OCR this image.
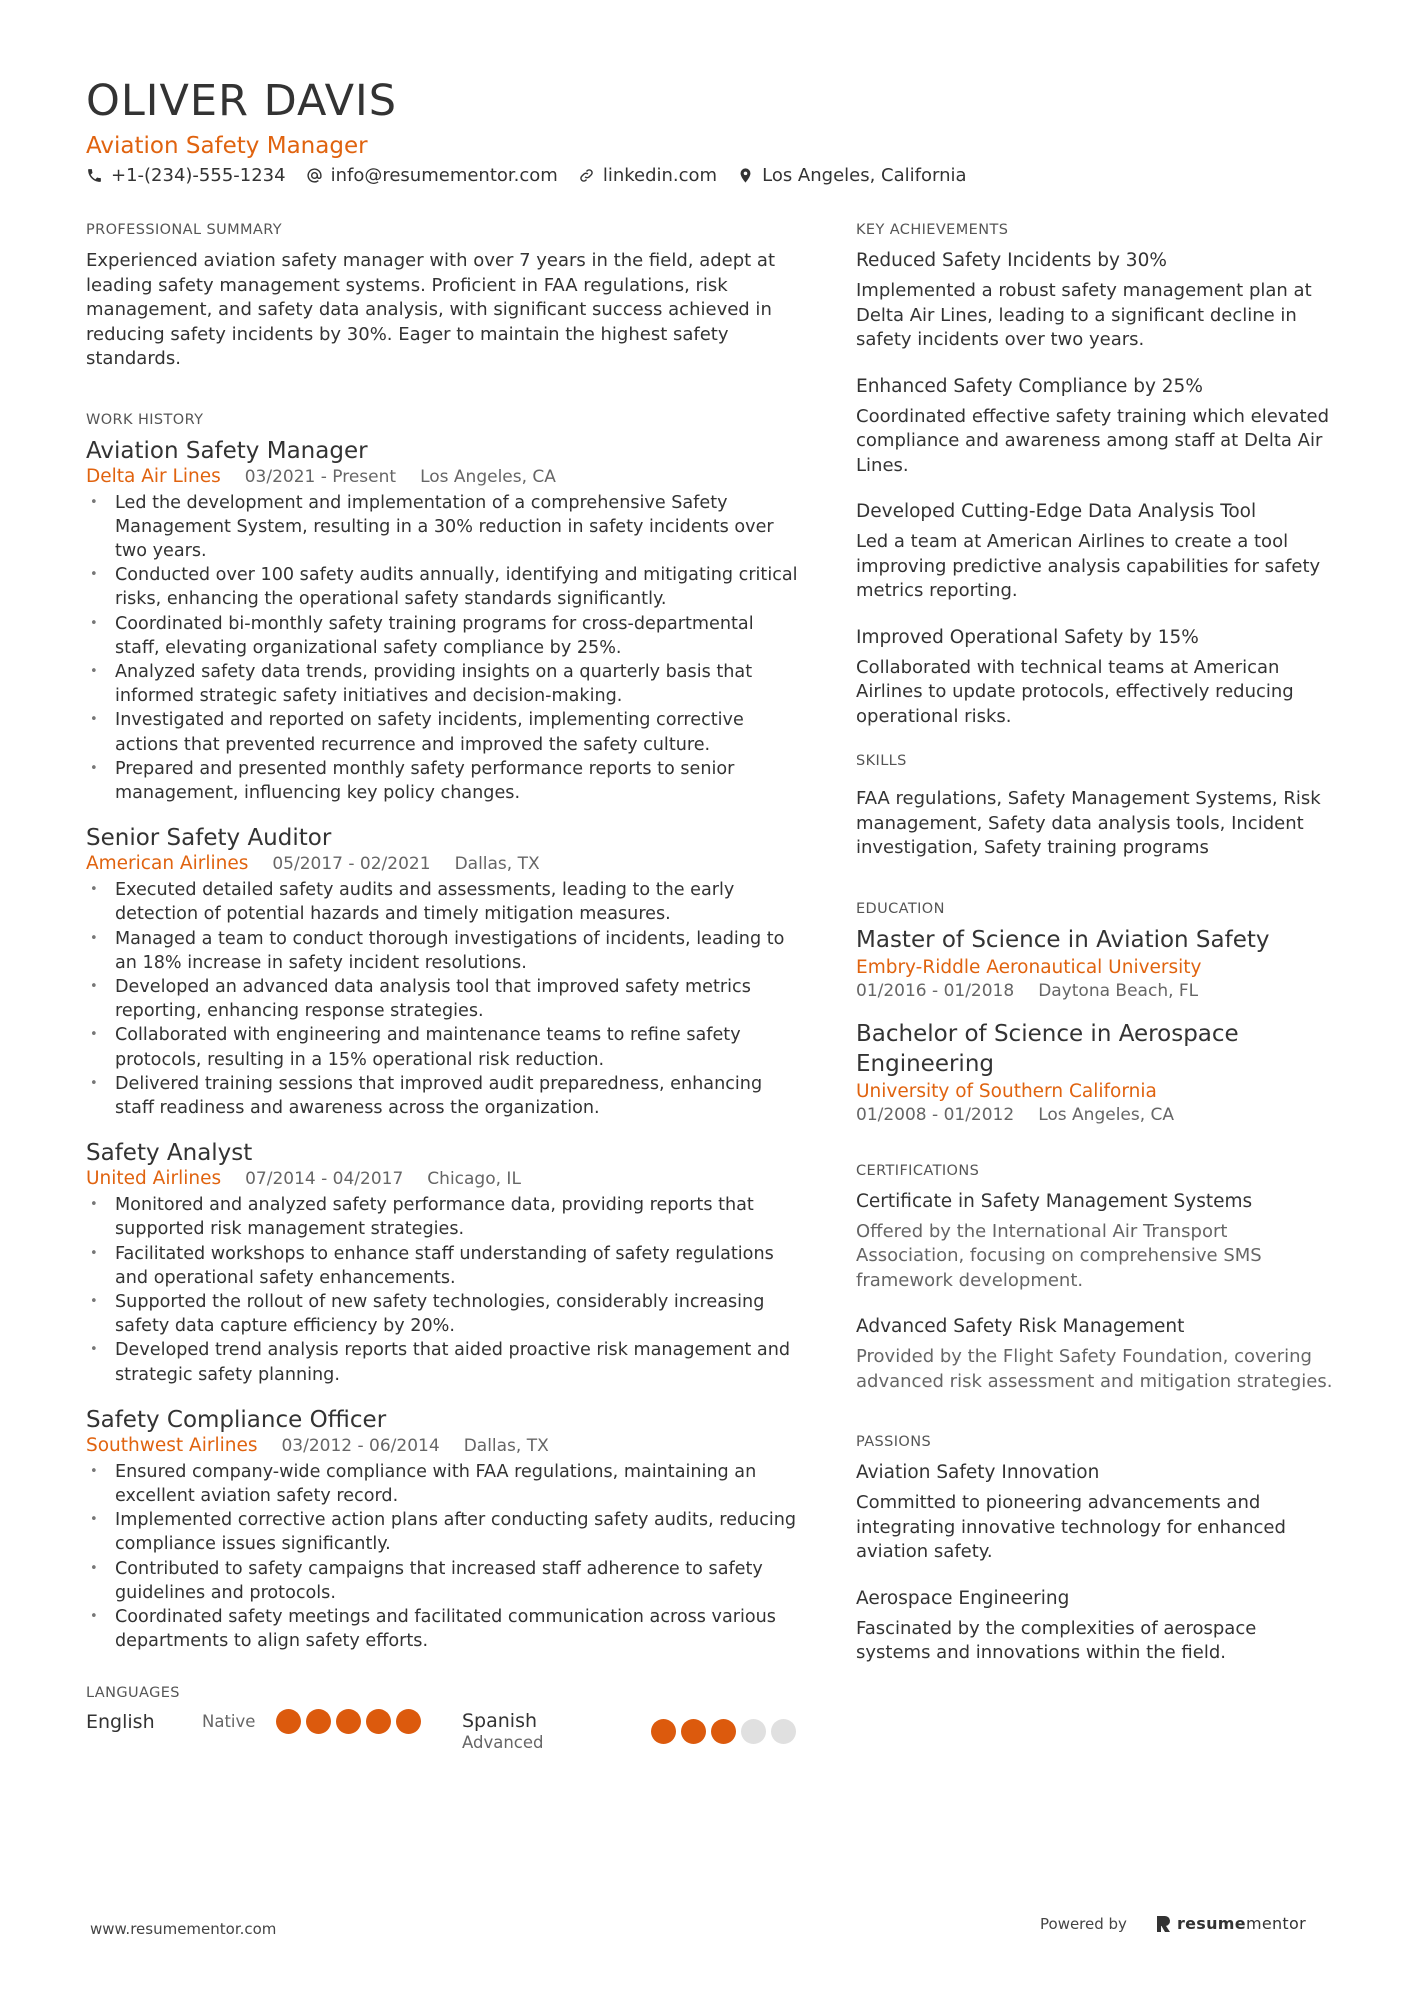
OLIVER DAVIS
Aviation Safety Manager
+1-(234)-555-1234	info@resumementor.com	linkedin.com	Los Angeles, California
PROFESSIONAL SUMMARY
Experienced aviation safety manager with over 7 years in the field, adept at leading safety management systems. Proficient in FAA regulations, risk management, and safety data analysis, with significant success achieved in reducing safety incidents by 30%. Eager to maintain the highest safety standards.
WORK HISTORY
Aviation Safety Manager
Delta Air Lines 03/2021 - Present Los Angeles, CA
• Led the development and implementation of a comprehensive Safety Management System, resulting in a 30% reduction in safety incidents over two years.
• Conducted over 100 safety audits annually, identifying and mitigating critical risks, enhancing the operational safety standards significantly.
• Coordinated bi-monthly safety training programs for cross-departmental staff, elevating organizational safety compliance by 25%.
• Analyzed safety data trends, providing insights on a quarterly basis that informed strategic safety initiatives and decision-making.
• Investigated and reported on safety incidents, implementing corrective actions that prevented recurrence and improved the safety culture.
• Prepared and presented monthly safety performance reports to senior management, influencing key policy changes.
Senior Safety Auditor
American Airlines 05/2017 - 02/2021 Dallas, TX
• Executed detailed safety audits and assessments, leading to the early detection of potential hazards and timely mitigation measures.
• Managed a team to conduct thorough investigations of incidents, leading to an 18% increase in safety incident resolutions.
• Developed an advanced data analysis tool that improved safety metrics reporting, enhancing response strategies.
• Collaborated with engineering and maintenance teams to refine safety protocols, resulting in a 15% operational risk reduction.
• Delivered training sessions that improved audit preparedness, enhancing staff readiness and awareness across the organization.
Safety Analyst
United Airlines 07/2014 - 04/2017 Chicago, IL
• Monitored and analyzed safety performance data, providing reports that supported risk management strategies.
• Facilitated workshops to enhance staff understanding of safety regulations and operational safety enhancements.
• Supported the rollout of new safety technologies, considerably increasing safety data capture efficiency by 20%.
• Developed trend analysis reports that aided proactive risk management and strategic safety planning.
Safety Compliance Officer
Southwest Airlines 03/2012 - 06/2014 Dallas, TX
• Ensured company-wide compliance with FAA regulations, maintaining an excellent aviation safety record.
• Implemented corrective action plans after conducting safety audits, reducing compliance issues significantly.
• Contributed to safety campaigns that increased staff adherence to safety guidelines and protocols.
• Coordinated safety meetings and facilitated communication across various departments to align safety efforts.
LANGUAGES
English	Native	Spanish
Advanced
KEY ACHIEVEMENTS
Reduced Safety Incidents by 30%
Implemented a robust safety management plan at Delta Air Lines, leading to a significant decline in safety incidents over two years.
Enhanced Safety Compliance by 25%
Coordinated effective safety training which elevated compliance and awareness among staff at Delta Air Lines.
Developed Cutting-Edge Data Analysis Tool
Led a team at American Airlines to create a tool improving predictive analysis capabilities for safety metrics reporting.
Improved Operational Safety by 15%
Collaborated with technical teams at American Airlines to update protocols, effectively reducing operational risks.
SKILLS
FAA regulations, Safety Management Systems, Risk management, Safety data analysis tools, Incident investigation, Safety training programs
EDUCATION
Master of Science in Aviation Safety
Embry-Riddle Aeronautical University
01/2016 - 01/2018 Daytona Beach, FL
Bachelor of Science in Aerospace Engineering
University of Southern California
01/2008 - 01/2012 Los Angeles, CA
CERTIFICATIONS
Certificate in Safety Management Systems
Offered by the International Air Transport Association, focusing on comprehensive SMS framework development.
Advanced Safety Risk Management
Provided by the Flight Safety Foundation, covering advanced risk assessment and mitigation strategies.
PASSIONS
Aviation Safety Innovation
Committed to pioneering advancements and integrating innovative technology for enhanced aviation safety.
Aerospace Engineering
Fascinated by the complexities of aerospace systems and innovations within the field.
www.resumementor.com	Powered by	resumementor
